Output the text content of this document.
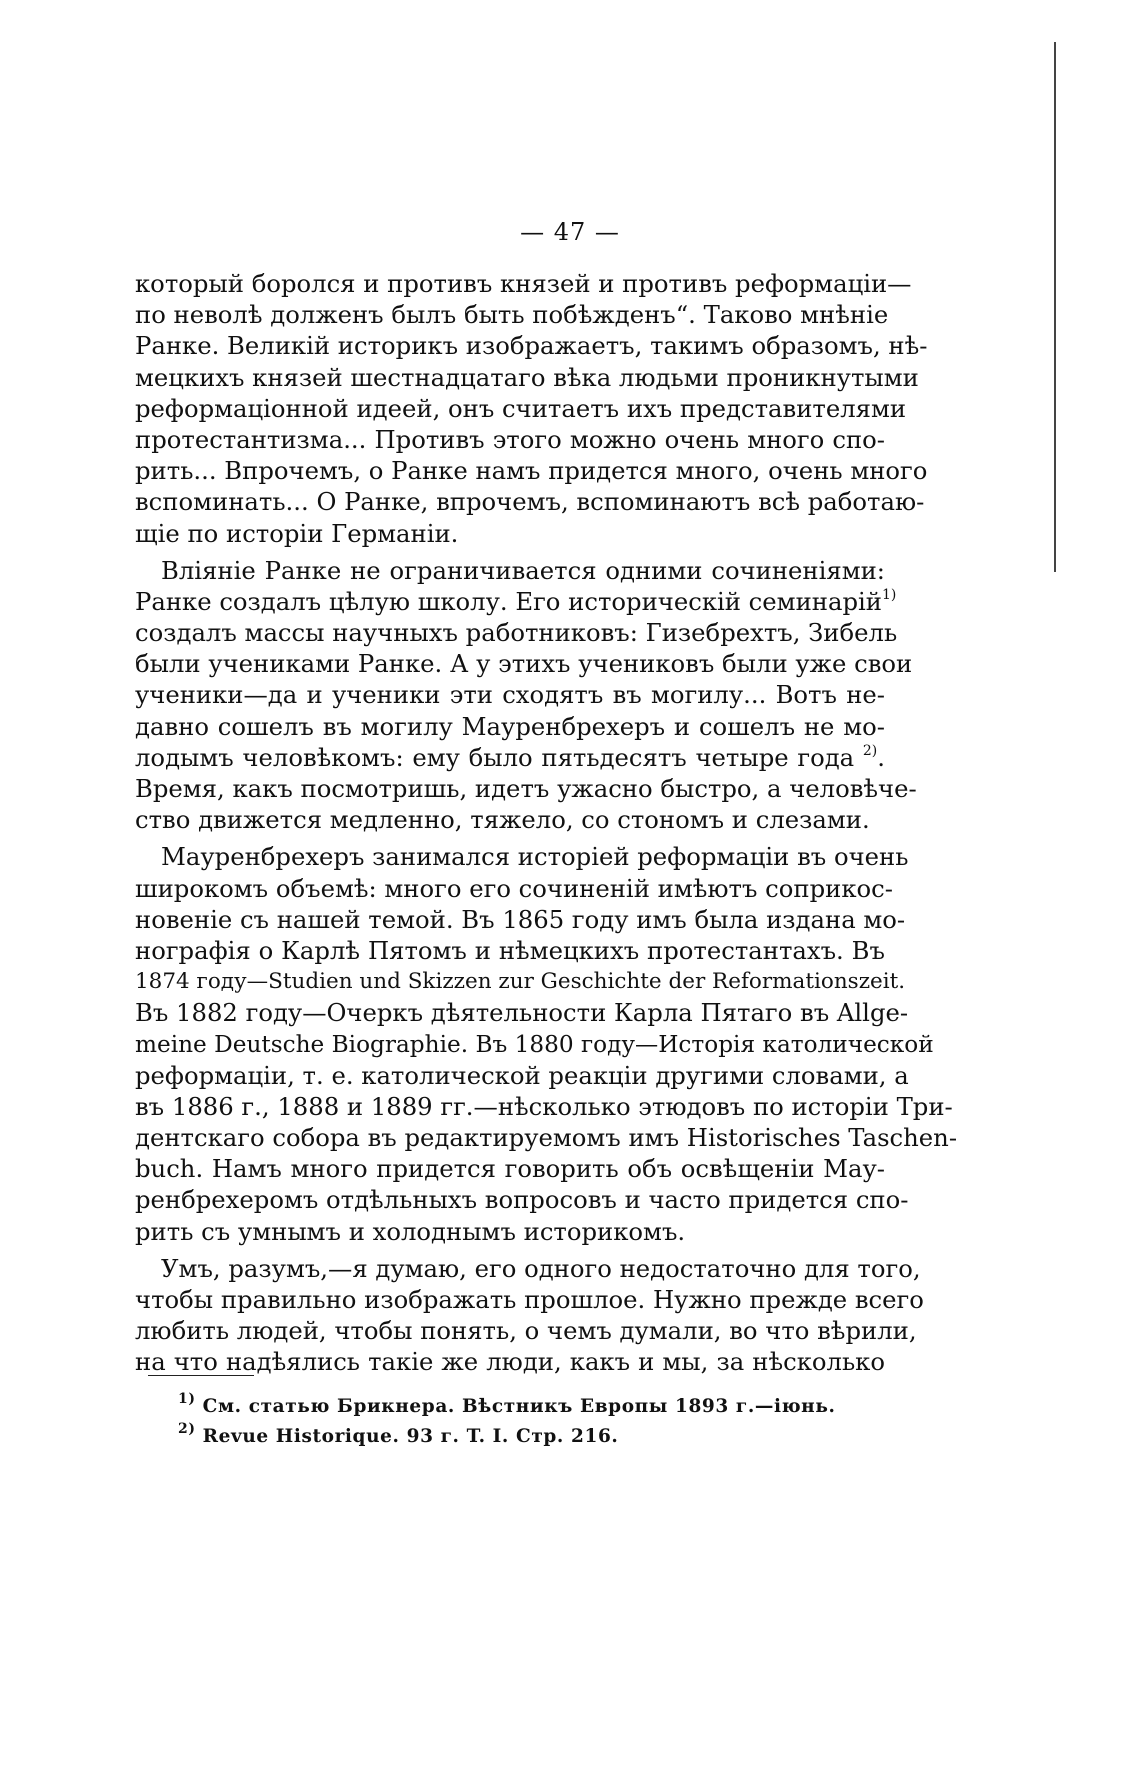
— 47 —
который боролся и противъ князей и противъ реформаціи—
по неволѣ долженъ былъ быть побѣжденъ“. Таково мнѣніе
Ранке. Великій историкъ изображаетъ, такимъ образомъ, нѣ-
мецкихъ князей шестнадцатаго вѣка людьми проникнутыми
реформаціонной идеей, онъ считаетъ ихъ представителями
протестантизма... Противъ этого можно очень много спо-
рить... Впрочемъ, о Ранке намъ придется много, очень много
вспоминать... О Ранке, впрочемъ, вспоминаютъ всѣ работаю-
щіе по исторіи Германіи.
Вліяніе Ранке не ограничивается одними сочиненіями:
Ранке создалъ цѣлую школу. Его историческій семинарій$^{1)}$
создалъ массы научныхъ работниковъ: Гизебрехтъ, Зибель
были учениками Ранке. А у этихъ учениковъ были уже свои
ученики—да и ученики эти сходятъ въ могилу... Вотъ не-
давно сошелъ въ могилу Мауренбрехеръ и сошелъ не мо-
лодымъ человѣкомъ: ему было пятьдесятъ четыре года $^{2)}$.
Время, какъ посмотришь, идетъ ужасно быстро, а человѣче-
ство движется медленно, тяжело, со стономъ и слезами.
Мауренбрехеръ занимался исторіей реформаціи въ очень
широкомъ объемѣ: много его сочиненій имѣютъ соприкос-
новеніе съ нашей темой. Въ 1865 году имъ была издана мо-
нографія о Карлѣ Пятомъ и нѣмецкихъ протестантахъ. Въ
1874 году—Studien und Skizzen zur Geschichte der Reformationszeit.
Въ 1882 году—Очеркъ дѣятельности Карла Пятаго въ Allge-
meine Deutsche Biographie. Въ 1880 году—Исторія католической
реформаціи, т. е. католической реакціи другими словами, а
въ 1886 г., 1888 и 1889 гг.—нѣсколько этюдовъ по исторіи Три-
дентскаго собора въ редактируемомъ имъ Historisches Taschen-
buch. Намъ много придется говорить объ освѣщеніи Мау-
ренбрехеромъ отдѣльныхъ вопросовъ и часто придется спо-
рить съ умнымъ и холоднымъ историкомъ.
Умъ, разумъ,—я думаю, его одного недостаточно для того,
чтобы правильно изображать прошлое. Нужно прежде всего
любить людей, чтобы понять, о чемъ думали, во что вѣрили,
на что надѣялись такіе же люди, какъ и мы, за нѣсколько
$^{1)}$ См. статью Брикнера. Вѣстникъ Европы 1893 г.—іюнь.
$^{2)}$ Revue Historique. 93 г. T. I. Стр. 216.
